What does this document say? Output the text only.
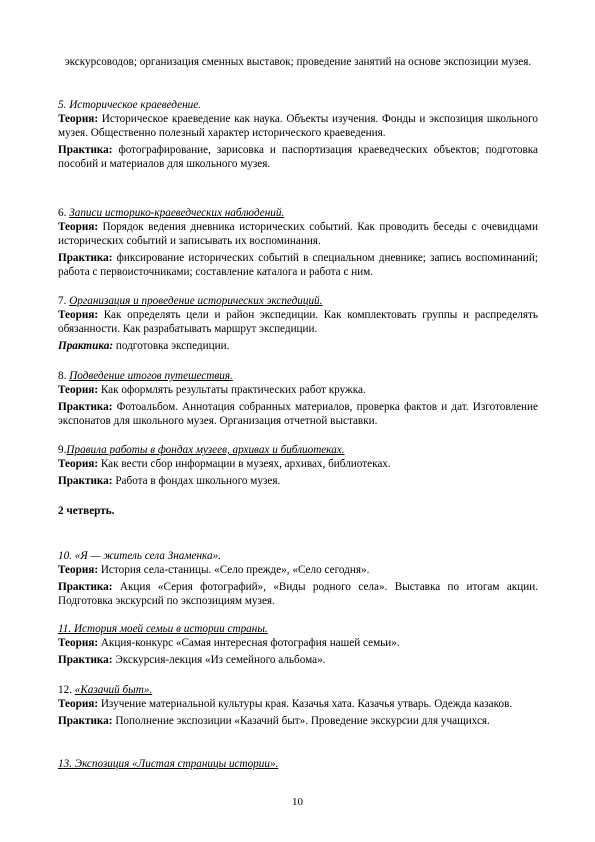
экскурсоводов; организация сменных выставок; проведение занятий на основе экспозиции музея.
5. Историческое краеведение.
Теория: Историческое краеведение как наука. Объекты изучения. Фонды и экспозиция школьного музея. Общественно полезный характер исторического краеведения.
Практика: фотографирование, зарисовка и паспортизация краеведческих объектов; подготовка пособий и материалов для школьного музея.
6. Записи историко-краеведческих наблюдений.
Теория: Порядок ведения дневника исторических событий. Как проводить беседы с очевидцами исторических событий и записывать их воспоминания.
Практика: фиксирование исторических событий в специальном дневнике; запись воспоминаний; работа с первоисточниками; составление каталога и работа с ним.
7. Организация и проведение исторических экспедиций.
Теория: Как определять цели и район экспедиции. Как комплектовать группы и распределять обязанности. Как разрабатывать маршрут экспедиции.
Практика: подготовка экспедиции.
8. Подведение итогов путешествия.
Теория: Как оформлять результаты практических работ кружка.
Практика: Фотоальбом. Аннотация собранных материалов, проверка фактов и дат. Изготовление экспонатов для школьного музея. Организация отчетной выставки.
9.Правила работы в фондах музеев, архивах и библиотеках.
Теория: Как вести сбор информации в музеях, архивах, библиотеках.
Практика: Работа в фондах школьного музея.
2 четверть.
10. «Я — житель села Знаменка».
Теория: История села-станицы. «Село прежде», «Село сегодня».
Практика: Акция «Серия фотографий», «Виды родного села». Выставка по итогам акции. Подготовка экскурсий по экспозициям музея.
11. История моей семьи в истории страны.
Теория: Акция-конкурс «Самая интересная фотография нашей семьи».
Практика: Экскурсия-лекция «Из семейного альбома».
12. «Казачий быт».
Теория: Изучение материальной культуры края. Казачья хата. Казачья утварь. Одежда казаков.
Практика: Пополнение экспозиции «Казачий быт». Проведение экскурсии для учащихся.
13. Экспозиция «Листая страницы истории».
10
